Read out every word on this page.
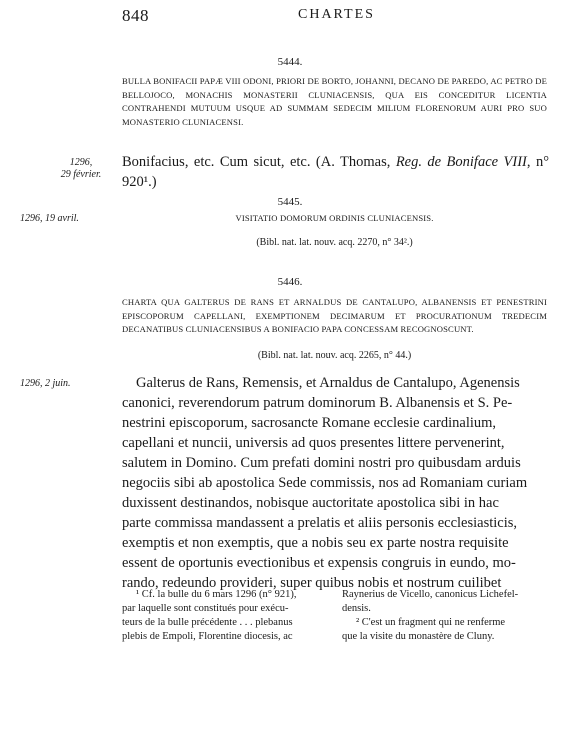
848	CHARTES
5444.
BULLA BONIFACII PAPÆ VIII ODONI, PRIORI DE BORTO, JOHANNI, DECANO DE PAREDO, AC PETRO DE BELLOJOCO, MONACHIS MONASTERII CLUNIACENSIS, QUA EIS CONCEDITUR LICENTIA CONTRAHENDI MUTUUM USQUE AD SUMMAM SEDECIM MILIUM FLORENORUM AURI PRO SUO MONASTERIO CLUNIACENSI.
1296,
29 février.
Bonifacius, etc. Cum sicut, etc. (A. Thomas, Reg. de Boniface VIII, n° 920¹.)
5445.
1296, 19 avril.	VISITATIO DOMORUM ORDINIS CLUNIACENSIS.
(Bibl. nat. lat. nouv. acq. 2270, n° 34².)
5446.
CHARTA QUA GALTERUS DE RANS ET ARNALDUS DE CANTALUPO, ALBANENSIS ET PENESTRINI EPISCOPORUM CAPELLANI, EXEMPTIONEM DECIMARUM ET PROCURATIONUM TREDECIM DECANATIBUS CLUNIACENSIBUS A BONIFACIO PAPA CONCESSAM RECOGNOSCUNT.
(Bibl. nat. lat. nouv. acq. 2265, n° 44.)
1296, 2 juin.	Galterus de Rans, Remensis, et Arnaldus de Cantalupo, Agenensis
canonici, reverendorum patrum dominorum B. Albanensis et S. Pe-
nestrini episcoporum, sacrosancte Romane ecclesie cardinalium,
capellani et nuncii, universis ad quos presentes littere pervenerint,
salutem in Domino. Cum prefati domini nostri pro quibusdam arduis
negociis sibi ab apostolica Sede commissis, nos ad Romaniam curiam
duxissent destinandos, nobisque auctoritate apostolica sibi in hac
parte commissa mandassent a prelatis et aliis personis ecclesiasticis,
exemptis et non exemptis, que a nobis seu ex parte nostra requisite
essent de oportunis evectionibus et expensis congruis in eundo, mo-
rando, redeundo provideri, super quibus nobis et nostrum cuilibet
¹ Cf. la bulle du 6 mars 1296 (n° 921),
par laquelle sont constitués pour exécu-
teurs de la bulle précédente . . . plebanus
plebis de Empoli, Florentine diocesis, ac
Raynerius de Vicello, canonicus Lichefel-
densis.
² C'est un fragment qui ne renferme
que la visite du monastère de Cluny.
